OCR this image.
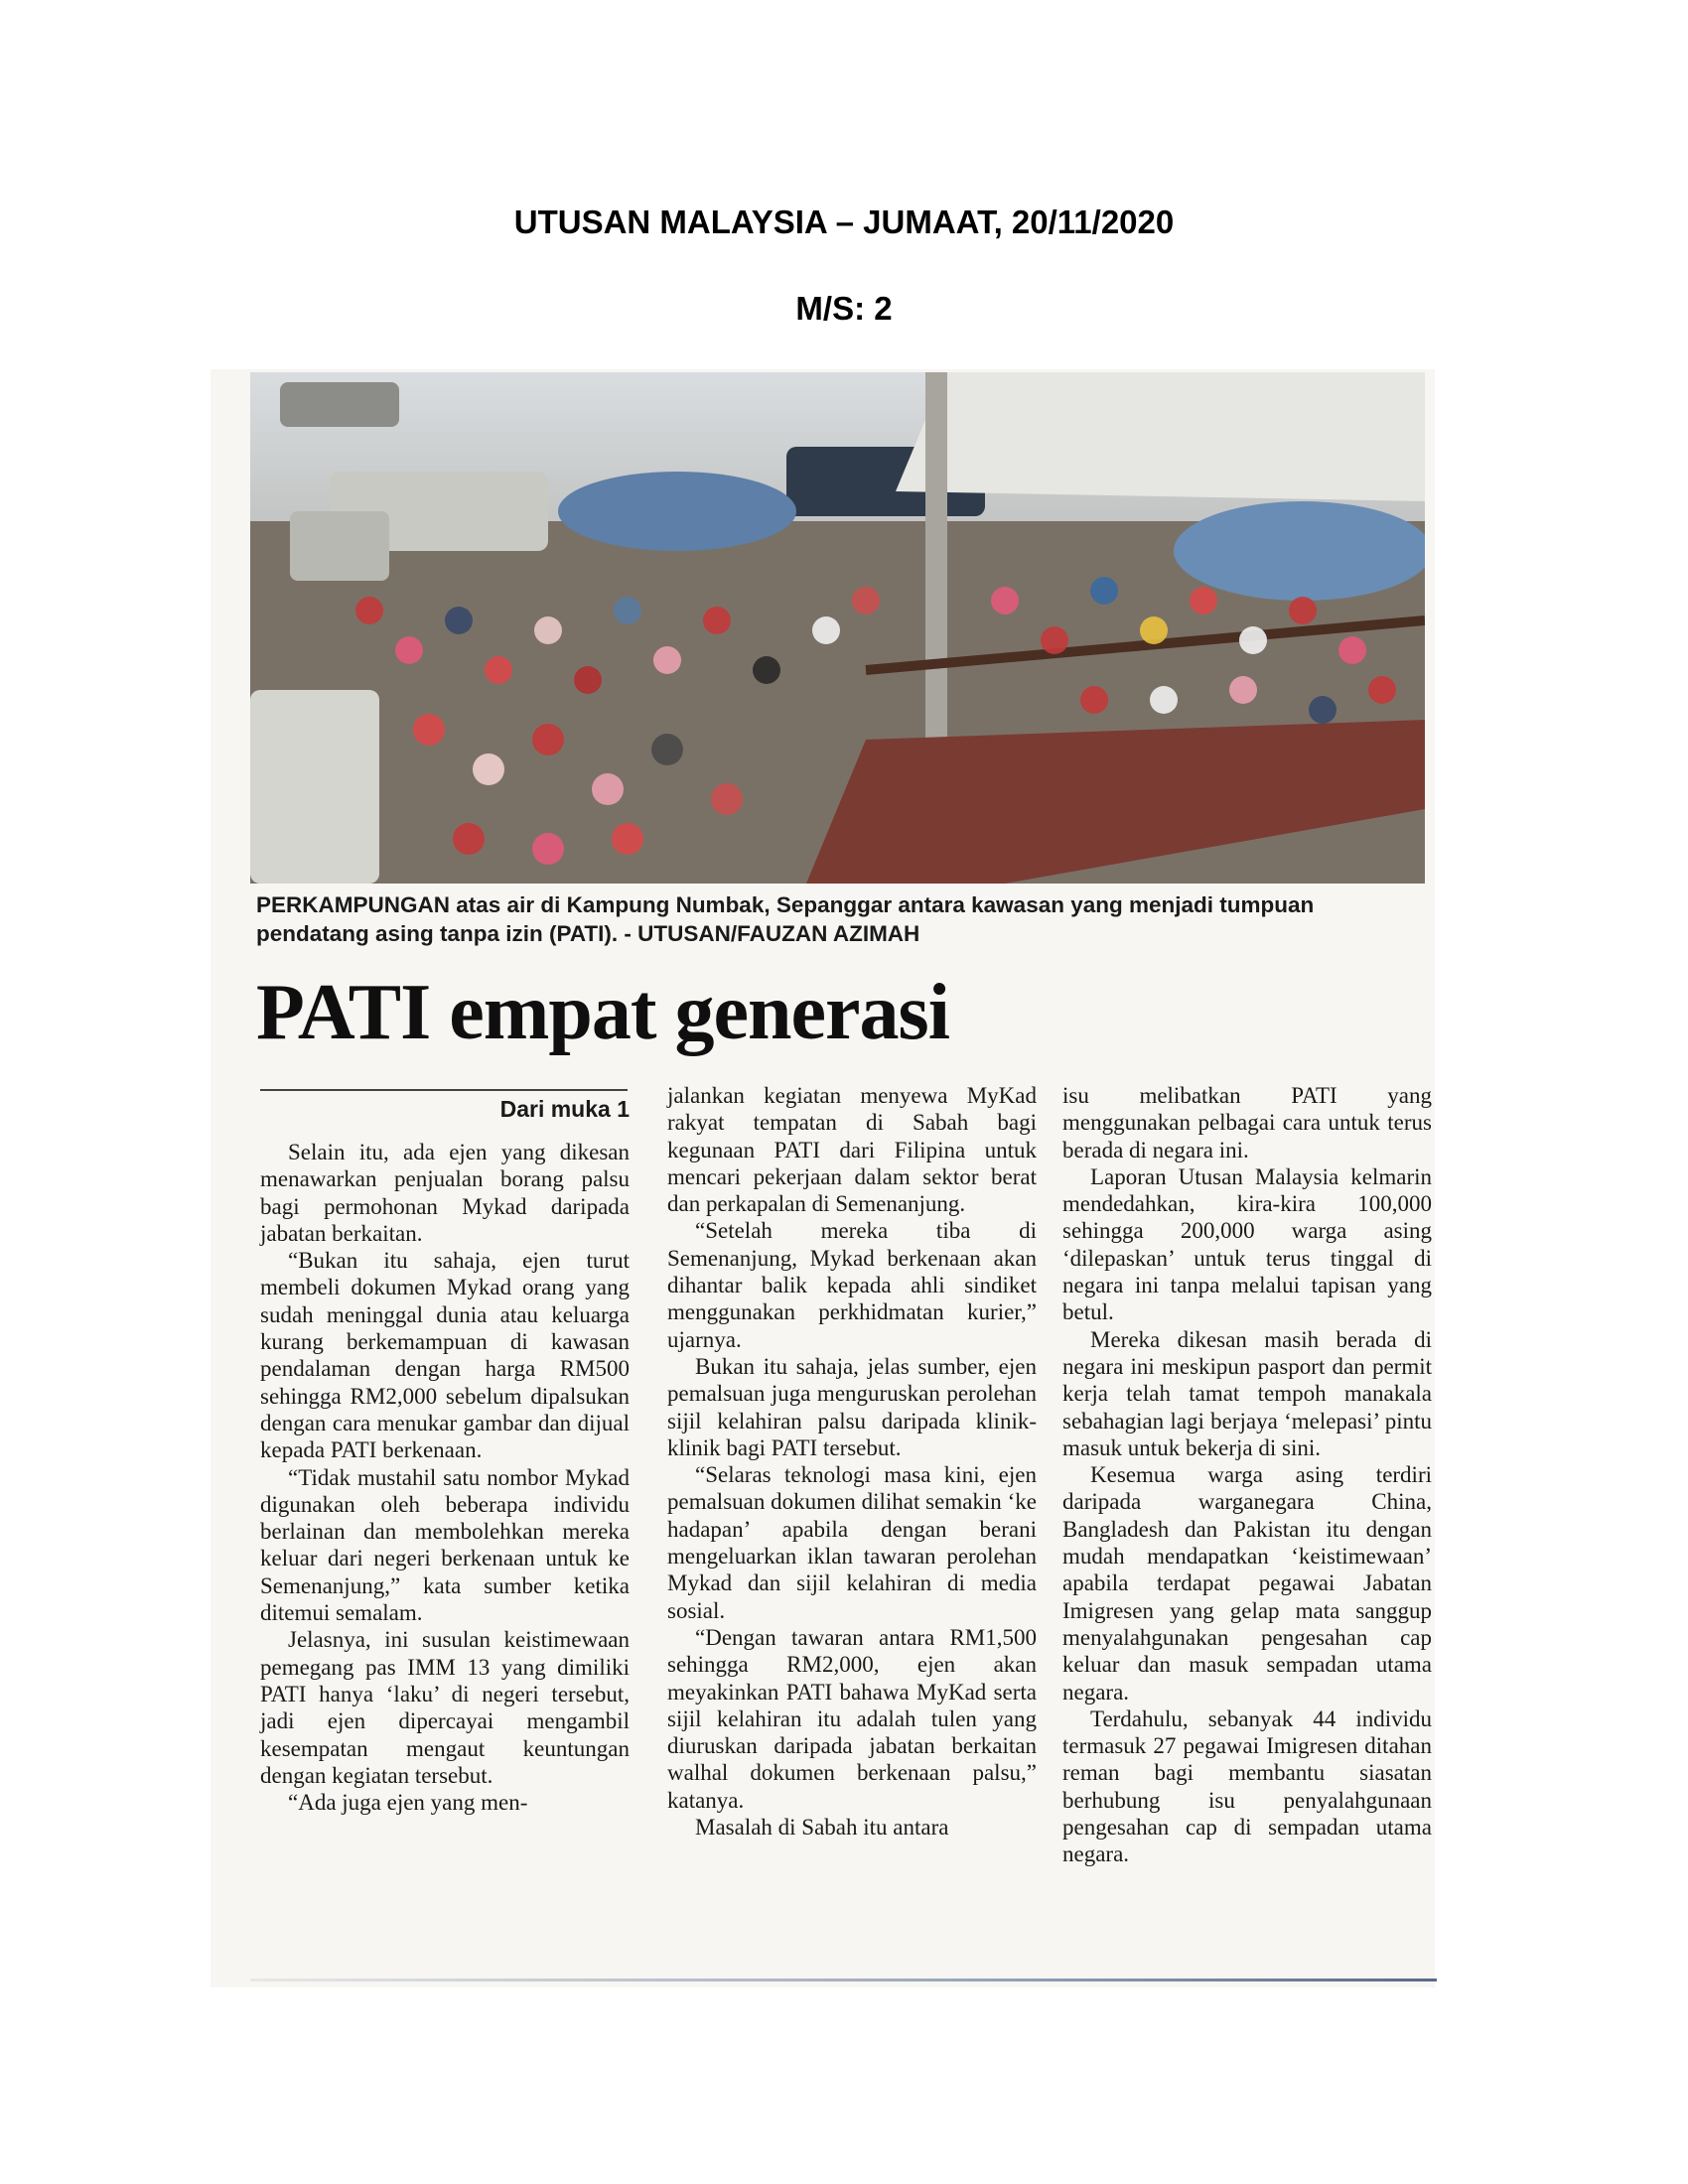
UTUSAN MALAYSIA – JUMAAT, 20/11/2020
M/S: 2
PERKAMPUNGAN atas air di Kampung Numbak, Sepanggar antara kawasan yang menjadi tumpuan pendatang asing tanpa izin (PATI). - UTUSAN/FAUZAN AZIMAH
PATI empat generasi
Dari muka 1

Selain itu, ada ejen yang dikesan menawarkan penjualan borang palsu bagi permohonan Mykad daripada jabatan berkaitan.

“Bukan itu sahaja, ejen turut membeli dokumen Mykad orang yang sudah meninggal dunia atau keluarga kurang berkemampuan di kawasan pendalaman dengan harga RM500 sehingga RM2,000 sebelum dipalsukan dengan cara menukar gambar dan dijual kepada PATI berkenaan.

“Tidak mustahil satu nombor Mykad digunakan oleh beberapa individu berlainan dan membolehkan mereka keluar dari negeri berkenaan untuk ke Semenanjung,” kata sumber ketika ditemui semalam.

Jelasnya, ini susulan keistimewaan pemegang pas IMM 13 yang dimiliki PATI hanya ‘laku’ di negeri tersebut, jadi ejen dipercayai mengambil kesempatan mengaut keuntungan dengan kegiatan tersebut.

“Ada juga ejen yang men-

jalankan kegiatan menyewa MyKad rakyat tempatan di Sabah bagi kegunaan PATI dari Filipina untuk mencari pekerjaan dalam sektor berat dan perkapalan di Semenanjung.

“Setelah mereka tiba di Semenanjung, Mykad berkenaan akan dihantar balik kepada ahli sindiket menggunakan perkhidmatan kurier,” ujarnya.

Bukan itu sahaja, jelas sumber, ejen pemalsuan juga menguruskan perolehan sijil kelahiran palsu daripada klinik-klinik bagi PATI tersebut.

“Selaras teknologi masa kini, ejen pemalsuan dokumen dilihat semakin ‘ke hadapan’ apabila dengan berani mengeluarkan iklan tawaran perolehan Mykad dan sijil kelahiran di media sosial.

“Dengan tawaran antara RM1,500 sehingga RM2,000, ejen akan meyakinkan PATI bahawa MyKad serta sijil kelahiran itu adalah tulen yang diuruskan daripada jabatan berkaitan walhal dokumen berkenaan palsu,” katanya.

Masalah di Sabah itu antara

isu melibatkan PATI yang menggunakan pelbagai cara untuk terus berada di negara ini.

Laporan Utusan Malaysia kelmarin mendedahkan, kira-kira 100,000 sehingga 200,000 warga asing ‘dilepaskan’ untuk terus tinggal di negara ini tanpa melalui tapisan yang betul.

Mereka dikesan masih berada di negara ini meskipun pasport dan permit kerja telah tamat tempoh manakala sebahagian lagi berjaya ‘melepasi’ pintu masuk untuk bekerja di sini.

Kesemua warga asing terdiri daripada warganegara China, Bangladesh dan Pakistan itu dengan mudah mendapatkan ‘keistimewaan’ apabila terdapat pegawai Jabatan Imigresen yang gelap mata sanggup menyalahgunakan pengesahan cap keluar dan masuk sempadan utama negara.

Terdahulu, sebanyak 44 individu termasuk 27 pegawai Imigresen ditahan reman bagi membantu siasatan berhubung isu penyalahgunaan pengesahan cap di sempadan utama negara.
